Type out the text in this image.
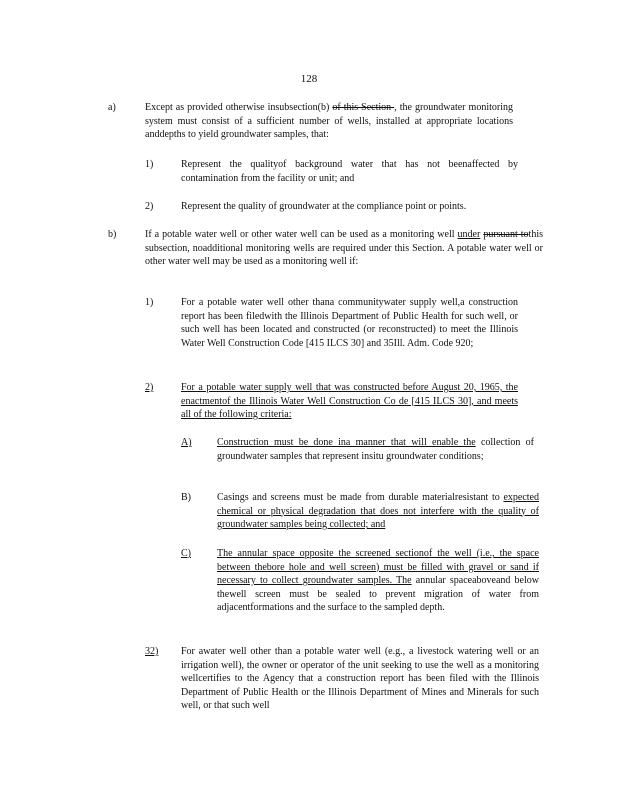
128
a)	Except as provided otherwise insubsection(b) of this Section , the groundwater monitoring system must consist of a sufficient number of wells, installed at appropriate locations anddepths to yield groundwater samples, that:
1)	Represent the qualityof background water that has not beenaffected by contamination from the facility or unit; and
2)	Represent the quality of groundwater at the compliance point or points.
b)	If a potable water well or other water well can be used as a monitoring well under pursuant tothis subsection, noadditional monitoring wells are required under this Section. A potable water well or other water well may be used as a monitoring well if:
1)	For a potable water well other thana communitywater supply well,a construction report has been filedwith the Illinois Department of Public Health for such well, or such well has been located and constructed (or reconstructed) to meet the Illinois Water Well Construction Code [415 ILCS 30] and 35Ill. Adm. Code 920;
2)	For a potable water supply well that was constructed before August 20, 1965, the enactmentof the Illinois Water Well Construction Co de [415 ILCS 30], and meets all of the following criteria:
A)	Construction must be done ina manner that will enable the collection of groundwater samples that represent insitu groundwater conditions;
B)	Casings and screens must be made from durable materialresistant to expected chemical or physical degradation that does not interfere with the quality of groundwater samples being collected; and
C)	The annular space opposite the screened sectionof the well (i.e., the space between thebore hole and well screen) must be filled with gravel or sand if necessary to collect groundwater samples. The annular spaceaboveand below thewell screen must be sealed to prevent migration of water from adjacentformations and the surface to the sampled depth.
32) For awater well other than a potable water well (e.g., a livestock watering well or an irrigation well), the owner or operator of the unit seeking to use the well as a monitoring wellcertifies to the Agency that a construction report has been filed with the Illinois Department of Public Health or the Illinois Department of Mines and Minerals for such well, or that such well
